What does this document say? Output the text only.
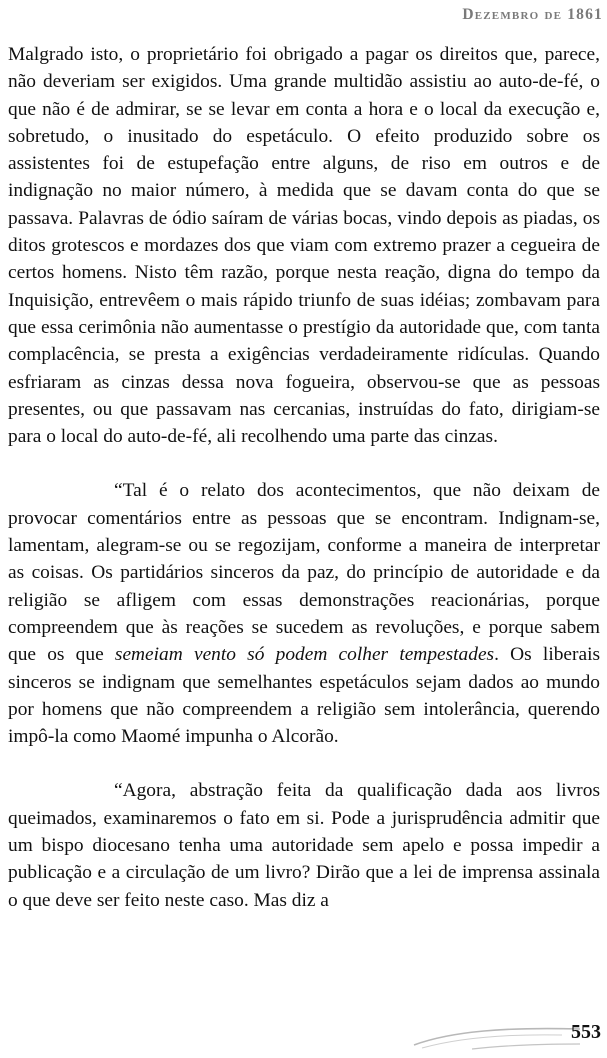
Dezembro de 1861

Malgrado isto, o proprietário foi obrigado a pagar os direitos que, parece, não deveriam ser exigidos. Uma grande multidão assistiu ao auto-de-fé, o que não é de admirar, se se levar em conta a hora e o local da execução e, sobretudo, o inusitado do espetáculo. O efeito produzido sobre os assistentes foi de estupefação entre alguns, de riso em outros e de indignação no maior número, à medida que se davam conta do que se passava. Palavras de ódio saíram de várias bocas, vindo depois as piadas, os ditos grotescos e mordazes dos que viam com extremo prazer a cegueira de certos homens. Nisto têm razão, porque nesta reação, digna do tempo da Inquisição, entrevêem o mais rápido triunfo de suas idéias; zombavam para que essa cerimônia não aumentasse o prestígio da autoridade que, com tanta complacência, se presta a exigências verdadeiramente ridículas. Quando esfriaram as cinzas dessa nova fogueira, observou-se que as pessoas presentes, ou que passavam nas cercanias, instruídas do fato, dirigiam-se para o local do auto-de-fé, ali recolhendo uma parte das cinzas.

“Tal é o relato dos acontecimentos, que não deixam de provocar comentários entre as pessoas que se encontram. Indignam-se, lamentam, alegram-se ou se regozijam, conforme a maneira de interpretar as coisas. Os partidários sinceros da paz, do princípio de autoridade e da religião se afligem com essas demonstrações reacionárias, porque compreendem que às reações se sucedem as revoluções, e porque sabem que os que semeiam vento só podem colher tempestades. Os liberais sinceros se indignam que semelhantes espetáculos sejam dados ao mundo por homens que não compreendem a religião sem intolerância, querendo impô-la como Maomé impunha o Alcorão.

“Agora, abstração feita da qualificação dada aos livros queimados, examinaremos o fato em si. Pode a jurisprudência admitir que um bispo diocesano tenha uma autoridade sem apelo e possa impedir a publicação e a circulação de um livro? Dirão que a lei de imprensa assinala o que deve ser feito neste caso. Mas diz a

553
